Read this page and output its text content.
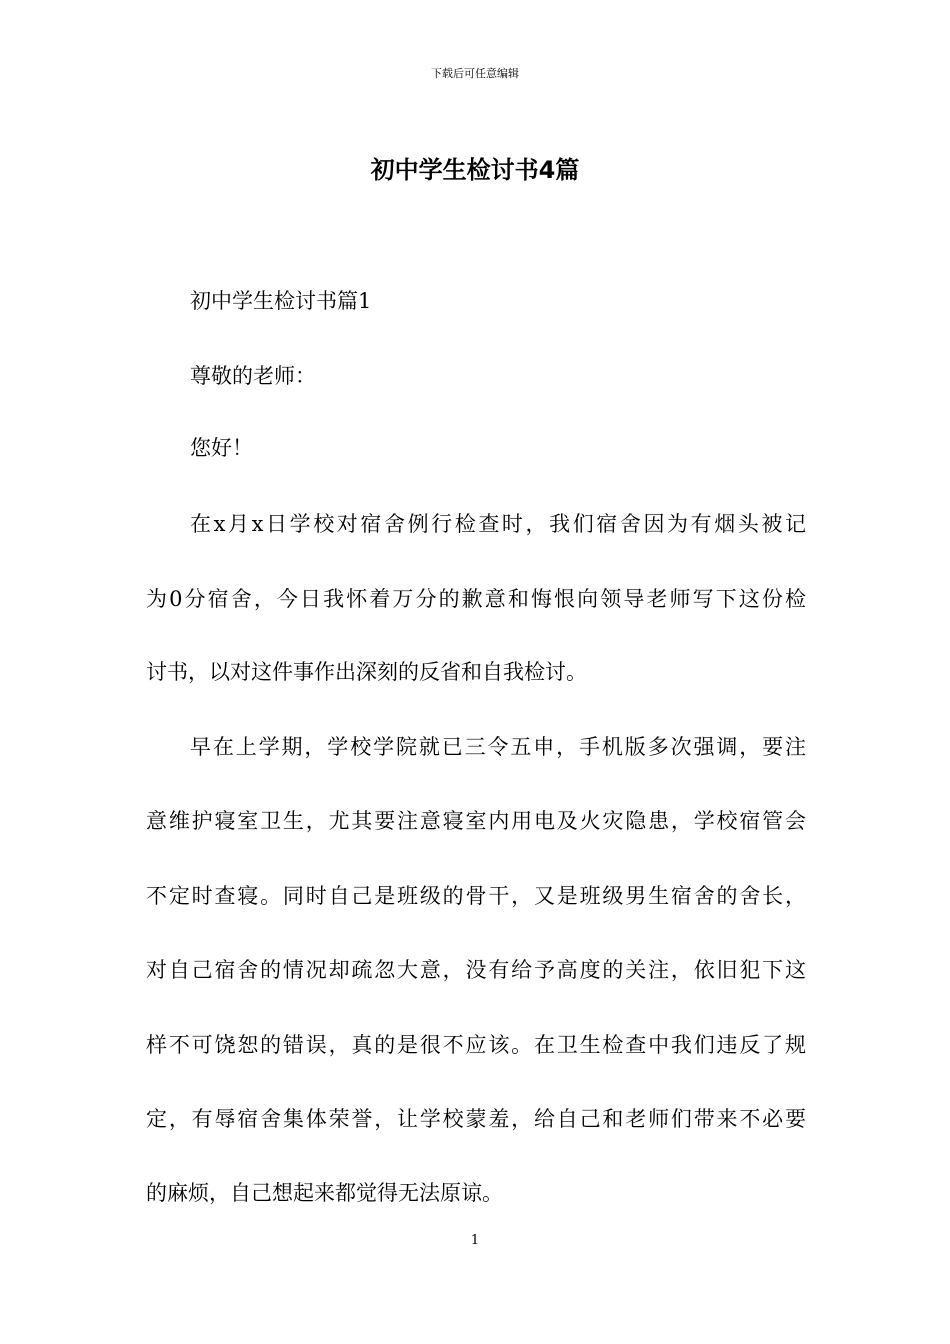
下载后可任意编辑
初中学生检讨书4篇
初中学生检讨书篇1
尊敬的老师：
您好！
在x月x日学校对宿舍例行检查时，我们宿舍因为有烟头被记
为0分宿舍，今日我怀着万分的歉意和悔恨向领导老师写下这份检
讨书，以对这件事作出深刻的反省和自我检讨。
早在上学期，学校学院就已三令五申，手机版多次强调，要注
意维护寝室卫生，尤其要注意寝室内用电及火灾隐患，学校宿管会
不定时查寝。同时自己是班级的骨干，又是班级男生宿舍的舍长，
对自己宿舍的情况却疏忽大意，没有给予高度的关注，依旧犯下这
样不可饶恕的错误，真的是很不应该。在卫生检查中我们违反了规
定，有辱宿舍集体荣誉，让学校蒙羞，给自己和老师们带来不必要
的麻烦，自己想起来都觉得无法原谅。
1
